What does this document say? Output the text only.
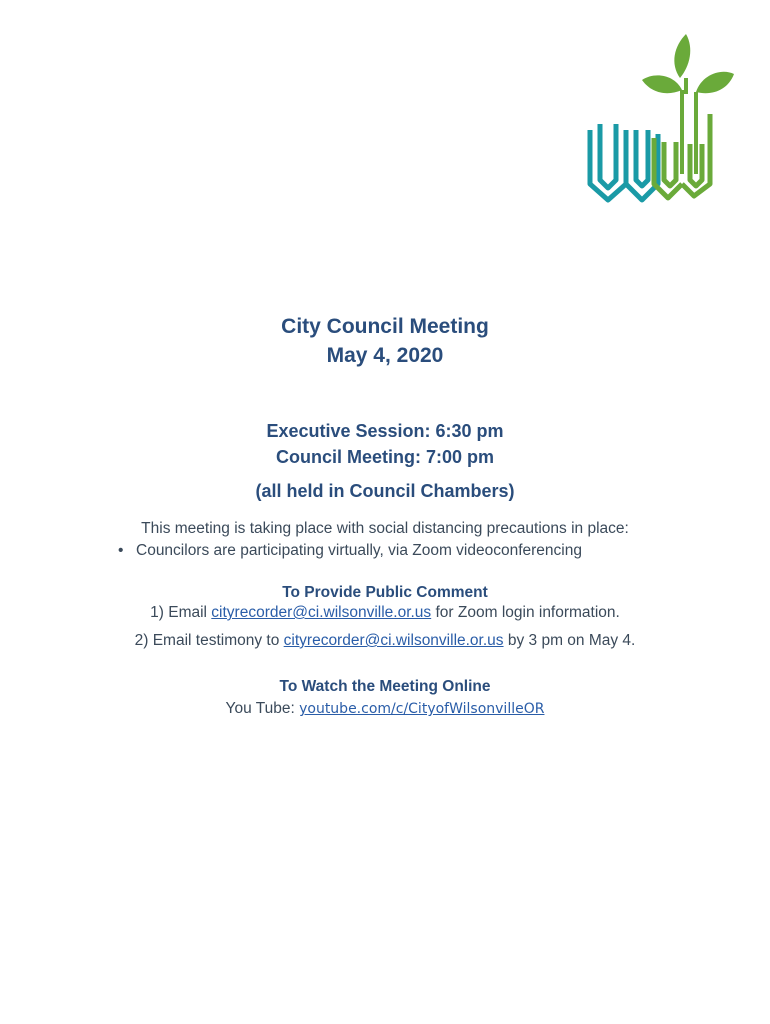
City Council Meeting
May 4, 2020
Executive Session: 6:30 pm
Council Meeting: 7:00 pm
(all held in Council Chambers)
This meeting is taking place with social distancing precautions in place:
• Councilors are participating virtually, via Zoom videoconferencing
To Provide Public Comment
1) Email cityrecorder@ci.wilsonville.or.us for Zoom login information.
2) Email testimony to cityrecorder@ci.wilsonville.or.us by 3 pm on May 4.
To Watch the Meeting Online
You Tube: youtube.com/c/CityofWilsonvilleOR
